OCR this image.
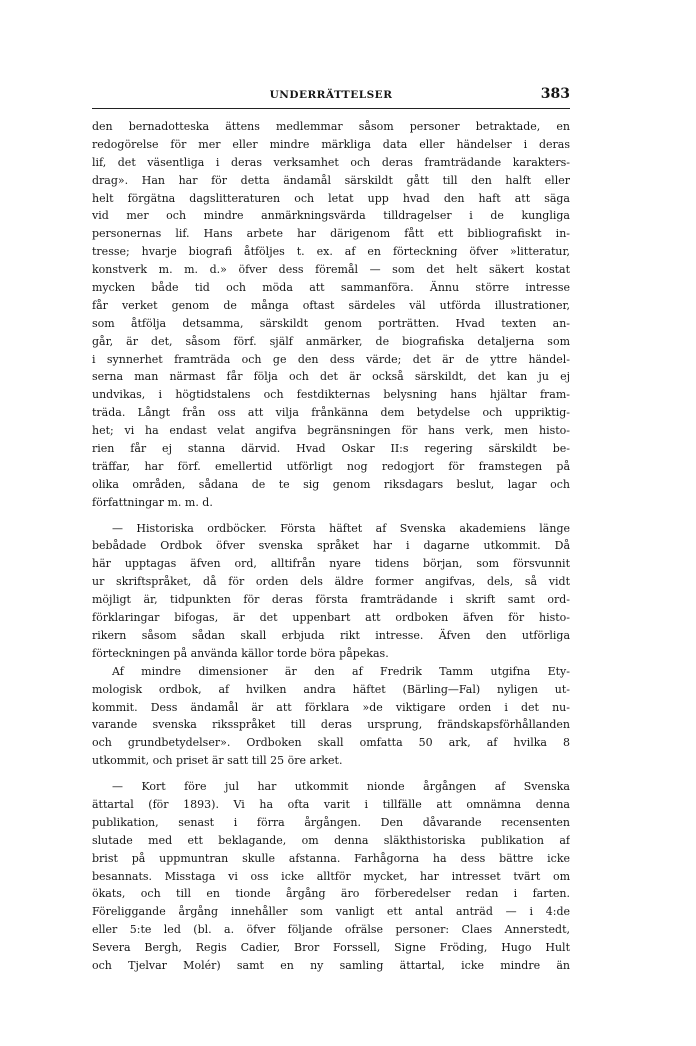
UNDERRÄTTELSER	383
den bernadotteska ättens medlemmar såsom personer betraktade, en
redogörelse för mer eller mindre märkliga data eller händelser i deras
lif, det väsentliga i deras verksamhet och deras framträdande karakters-
drag». Han har för detta ändamål särskildt gått till den halft eller
helt förgätna dagslitteraturen och letat upp hvad den haft att säga
vid mer och mindre anmärkningsvärda tilldragelser i de kungliga
personernas lif. Hans arbete har därigenom fått ett bibliografiskt in-
tresse; hvarje biografi åtföljes t. ex. af en förteckning öfver »litteratur,
konstverk m. m. d.» öfver dess föremål — som det helt säkert kostat
mycken både tid och möda att sammanföra. Ännu större intresse
får verket genom de många oftast särdeles väl utförda illustrationer,
som åtfölja detsamma, särskildt genom porträtten. Hvad texten an-
går, är det, såsom förf. själf anmärker, de biografiska detaljerna som
i synnerhet framträda och ge den dess värde; det är de yttre händel-
serna man närmast får följa och det är också särskildt, det kan ju ej
undvikas, i högtidstalens och festdikternas belysning hans hjältar fram-
träda. Långt från oss att vilja frånkänna dem betydelse och uppriktig-
het; vi ha endast velat angifva begränsningen för hans verk, men histo-
rien får ej stanna därvid. Hvad Oskar II:s regering särskildt be-
träffar, har förf. emellertid utförligt nog redogjort för framstegen på
olika områden, sådana de te sig genom riksdagars beslut, lagar och
författningar m. m. d.
— Historiska ordböcker. Första häftet af Svenska akademiens länge
bebådade Ordbok öfver svenska språket har i dagarne utkommit. Då
här upptagas äfven ord, alltifrån nyare tidens början, som försvunnit
ur skriftspråket, då för orden dels äldre former angifvas, dels, så vidt
möjligt är, tidpunkten för deras första framträdande i skrift samt ord-
förklaringar bifogas, är det uppenbart att ordboken äfven för histo-
rikern såsom sådan skall erbjuda rikt intresse. Äfven den utförliga
förteckningen på använda källor torde böra påpekas.
Af mindre dimensioner är den af Fredrik Tamm utgifna Ety-
mologisk ordbok, af hvilken andra häftet (Bärling—Fal) nyligen ut-
kommit. Dess ändamål är att förklara »de viktigare orden i det nu-
varande svenska riksspråket till deras ursprung, frändskapsförhållanden
och grundbetydelser». Ordboken skall omfatta 50 ark, af hvilka 8
utkommit, och priset är satt till 25 öre arket.
— Kort före jul har utkommit nionde årgången af Svenska
ättartal (för 1893). Vi ha ofta varit i tillfälle att omnämna denna
publikation, senast i förra årgången. Den dåvarande recensenten
slutade med ett beklagande, om denna släkthistoriska publikation af
brist på uppmuntran skulle afstanna. Farhågorna ha dess bättre icke
besannats. Misstaga vi oss icke alltför mycket, har intresset tvärt om
ökats, och till en tionde årgång äro förberedelser redan i farten.
Föreliggande årgång innehåller som vanligt ett antal anträd — i 4:de
eller 5:te led (bl. a. öfver följande ofrälse personer: Claes Annerstedt,
Severa Bergh, Regis Cadier, Bror Forssell, Signe Fröding, Hugo Hult
och Tjelvar Molér) samt en ny samling ättartal, icke mindre än
